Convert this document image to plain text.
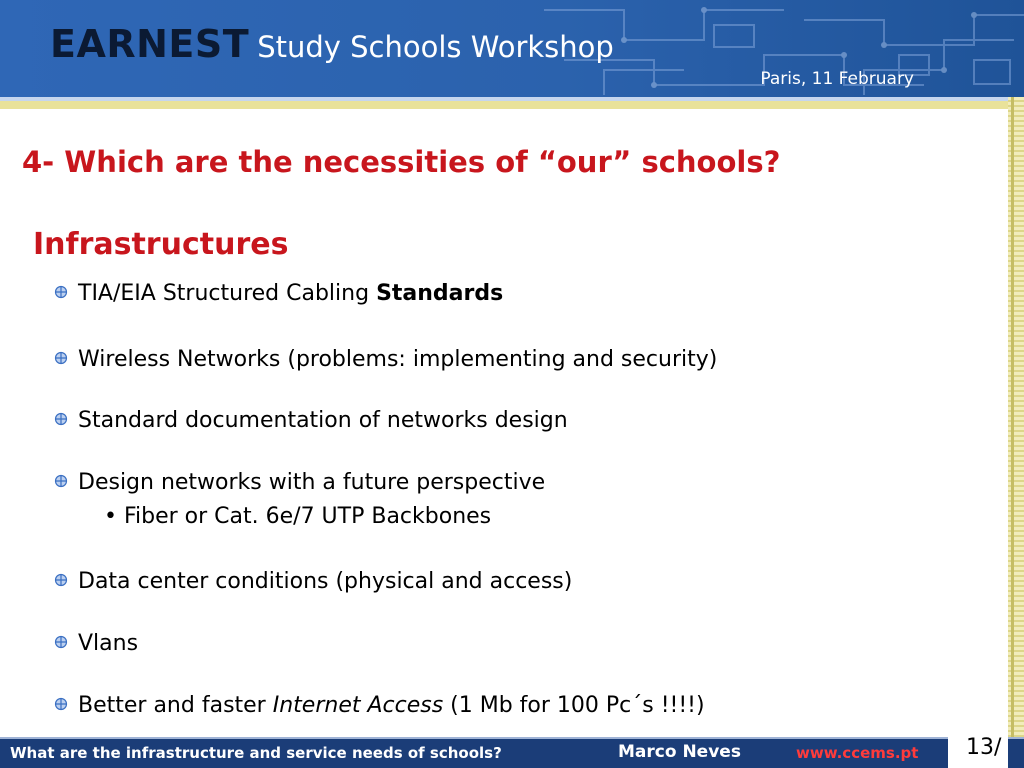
EARNEST Study Schools Workshop
Paris, 11 February
4- Which are the necessities of “our” schools?
Infrastructures
TIA/EIA Structured Cabling Standards
Wireless Networks (problems: implementing and security)
Standard documentation of networks design
Design networks with a future perspective
• Fiber or Cat. 6e/7 UTP Backbones
Data center conditions (physical and access)
Vlans
Better and faster Internet Access (1 Mb for 100 Pc´s !!!!)
What are the infrastructure and service needs of schools?	Marco Neves	www.ccems.pt 13/
